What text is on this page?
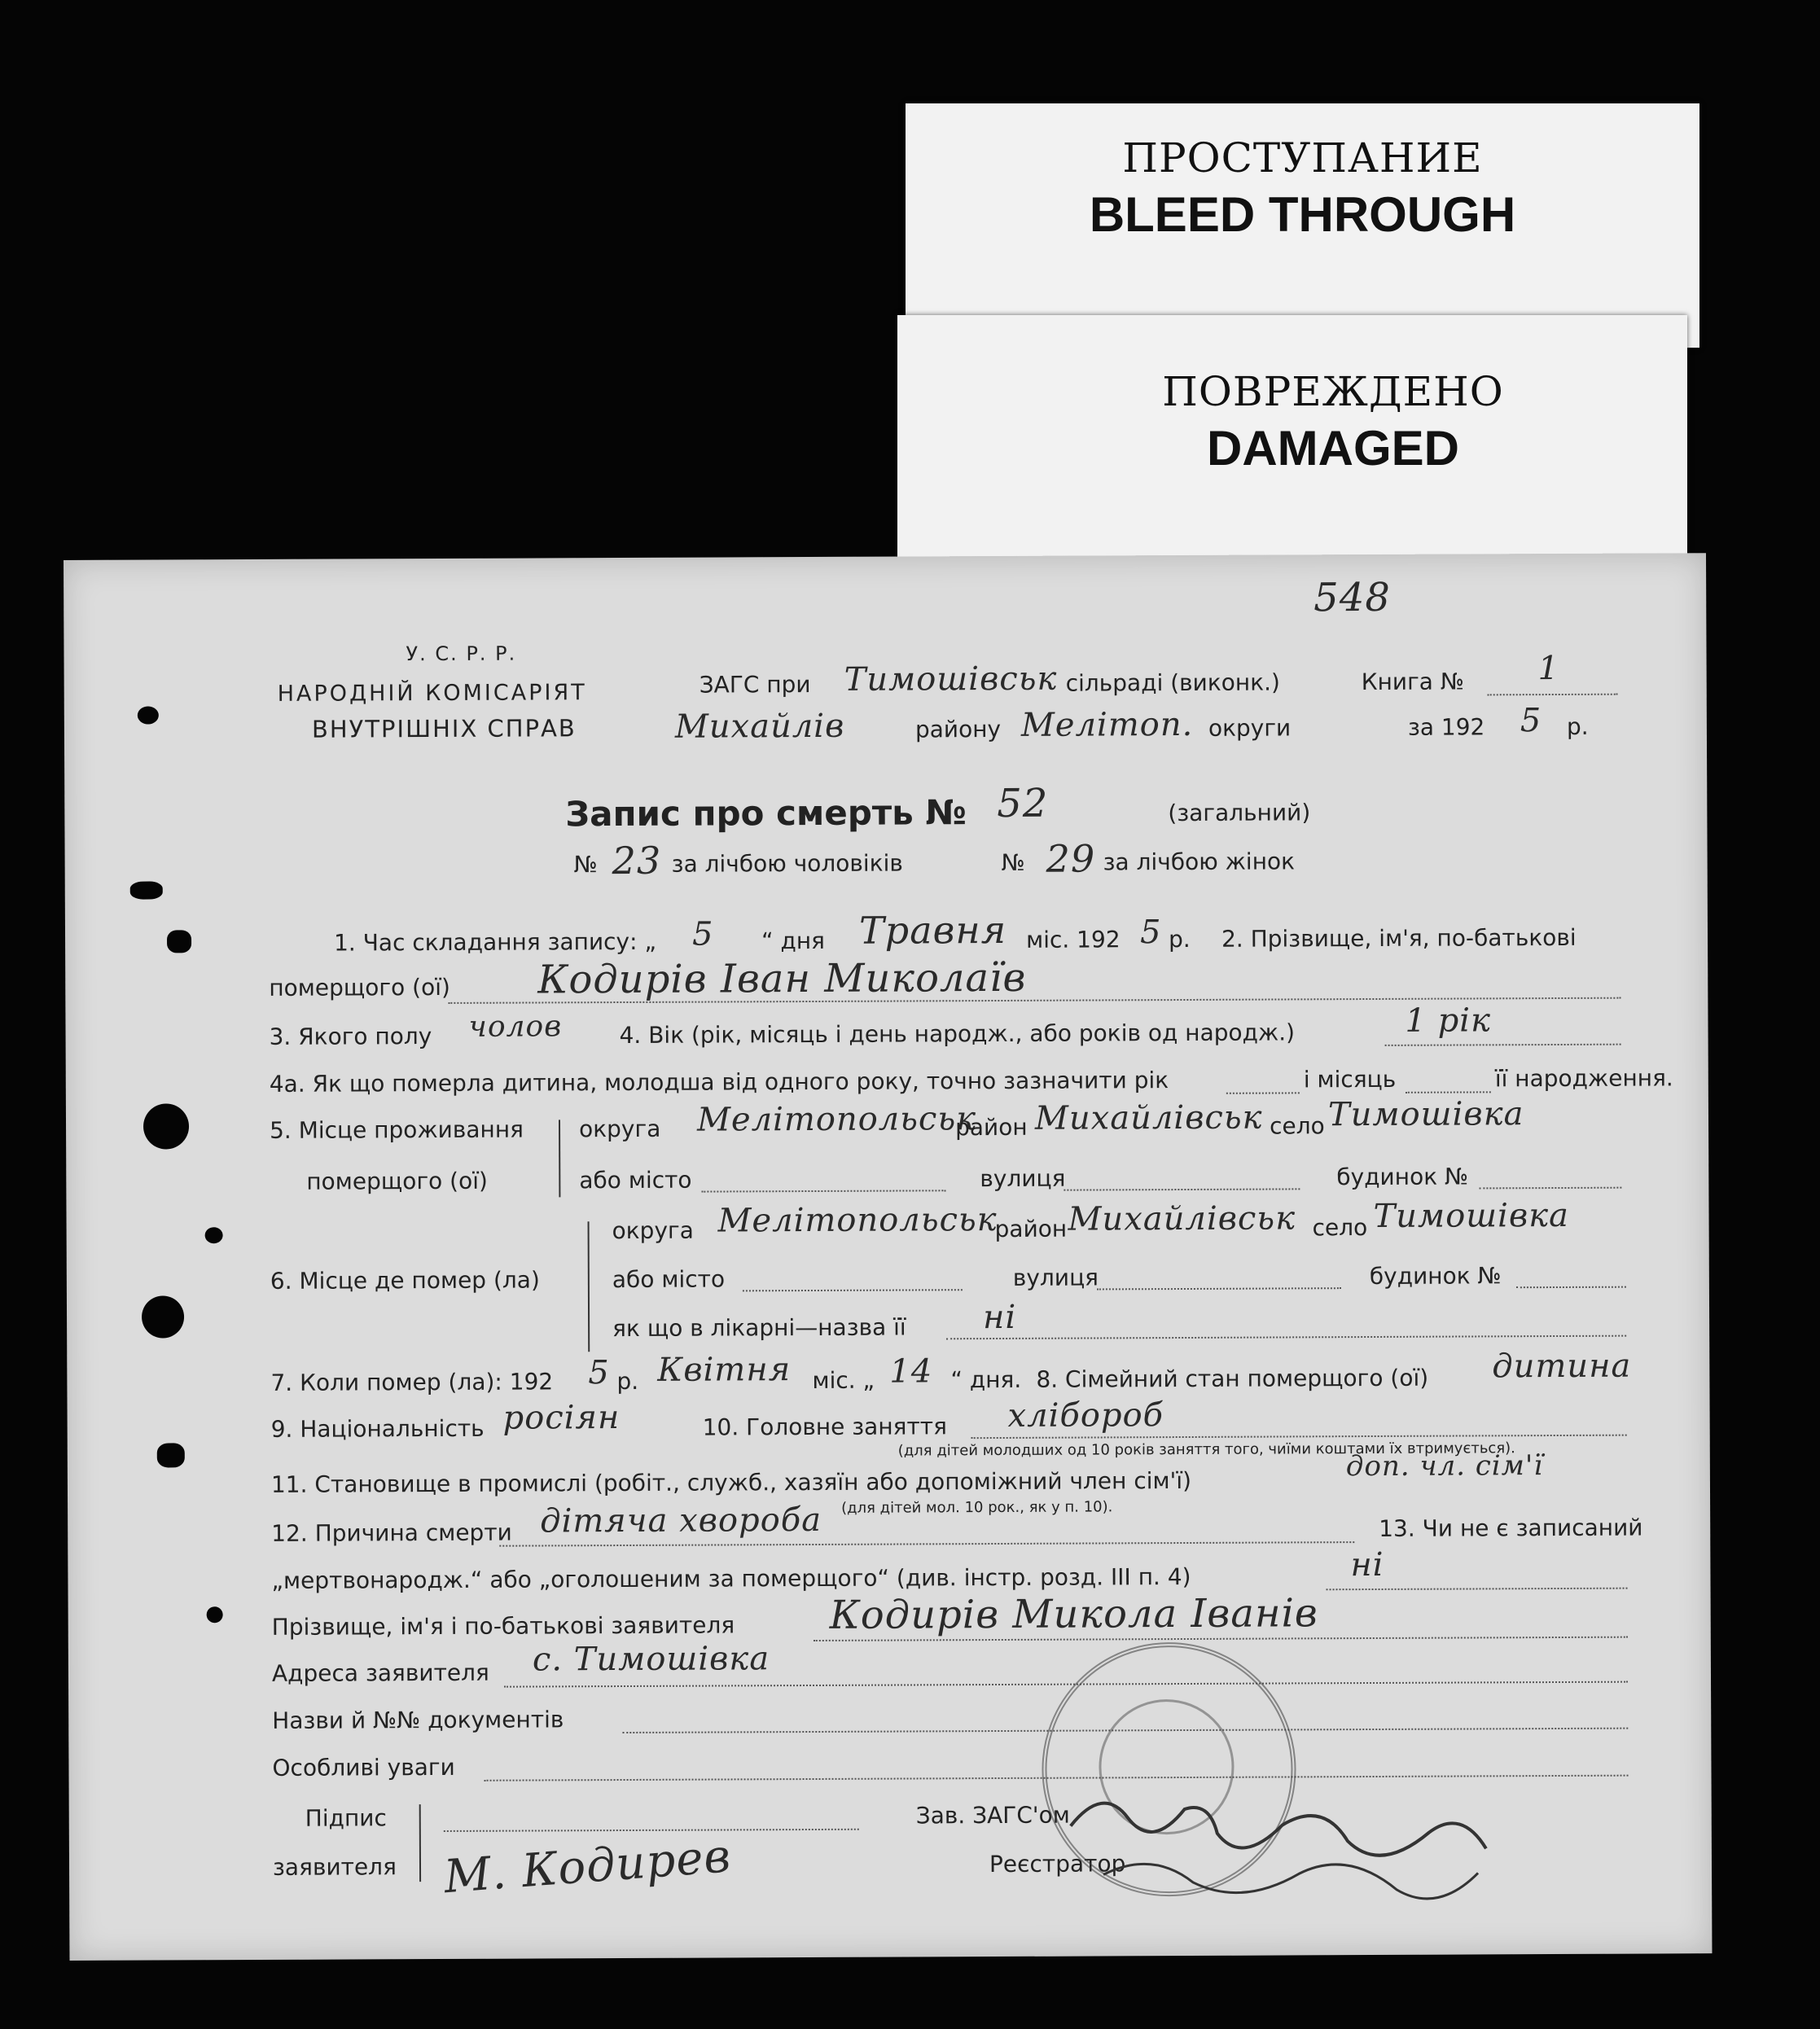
ПРОСТУПАНИЕ
BLEED THROUGH
ПОВРЕЖДЕНО
DAMAGED
548
У. С. Р. Р.
НАРОДНІЙ КОМІСАРІЯТ
ВНУТРІШНІХ СПРАВ
ЗАГС при Тимошівськ сільраді (виконк.)	Книга № 1
Михайлів	району Мелітоп. округи	за 192 5 р.
Запис про смерть № 52	(загальний)
№ 23 за лічбою чоловіків	№ 29 за лічбою жінок
1. Час складання запису: „ 5 “ дня Травня міс. 192 5 р. 2. Прізвище, ім'я, по-батькові
померщого (ої) Кодирів Іван Миколаїв
3. Якого полу чолов	4. Вік (рік, місяць і день народж., або років од народж.)	1 рік
4а. Як що померла дитина, молодша від одного року, точно зазначити рік	і місяць	її народження.
5. Місце проживання
померщого (ої)
округа Мелітопольськ
район Михайлівськ село Тимошівка
або місто	вулиця	будинок №
6. Місце де помер (ла)
округа Мелітопольськ
район Михайлівськ село Тимошівка
або місто	вулиця	будинок №
як що в лікарні—назва її ні
7. Коли помер (ла): 192 5 р. Квітня міс. „ 14 “ дня. 8. Сімейний стан померщого (ої) дитина
9. Національність росіян	10. Головне заняття хлібороб
(для дітей молодших од 10 років заняття того, чиїми коштами їх втримується).
11. Становище в промислі (робіт., служб., хазяїн або допоміжний член сім'ї)	доп. чл. сім'ї
(для дітей мол. 10 рок., як у п. 10).
12. Причина смерти дітяча хвороба	13. Чи не є записаний
„мертвонародж.“ або „оголошеним за померщого“ (див. інстр. розд. III п. 4)	ні
Прізвище, ім'я і по-батькові заявителя Кодирів Микола Іванів
Адреса заявителя с. Тимошівка
Назви й №№ документів
Особливі уваги
Підпис
заявителя М. Кодирев
Зав. ЗАГС'ом
Реєстратор
